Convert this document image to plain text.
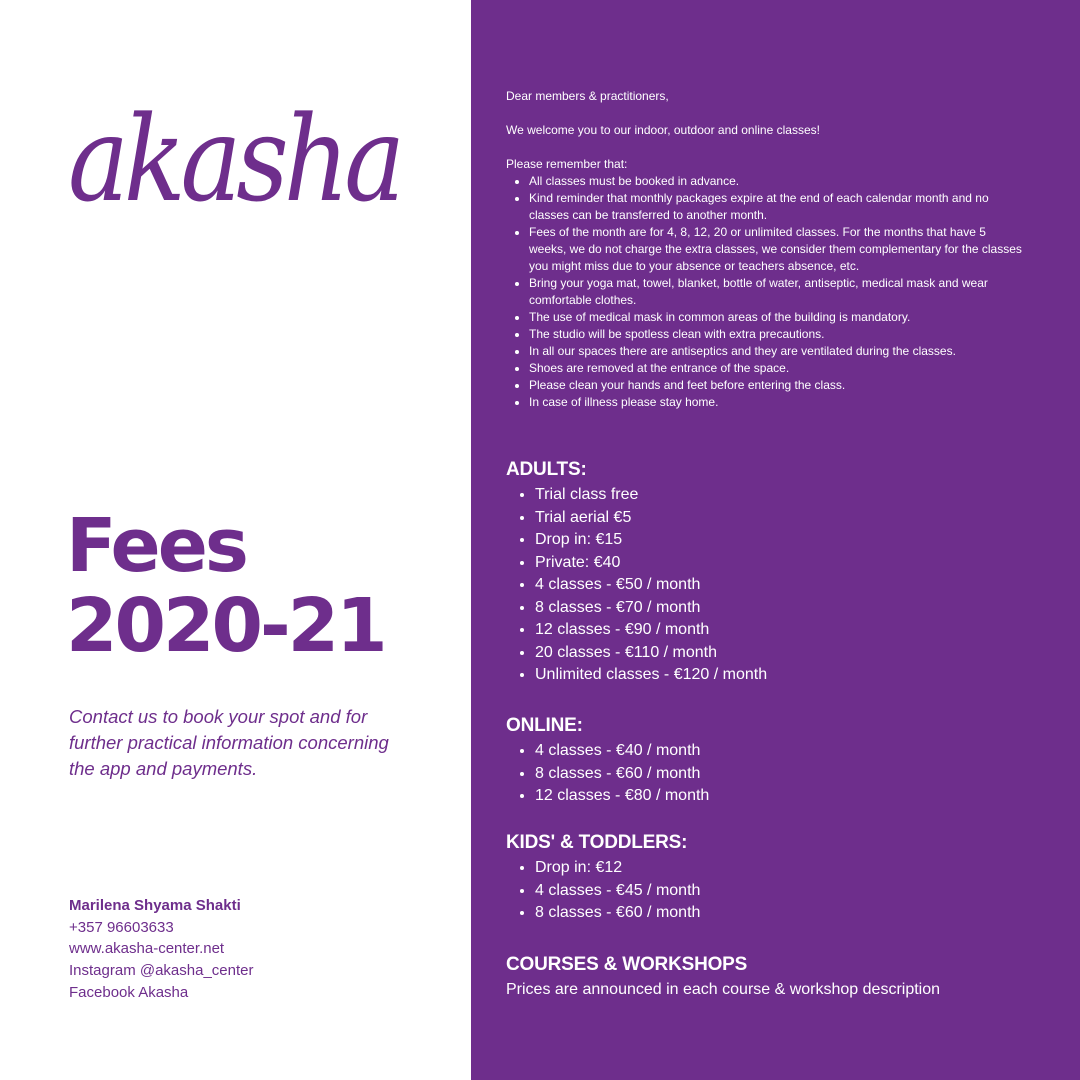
akasha
Fees
2020-21

Contact us to book your spot and for further practical information concerning the app and payments.

Marilena Shyama Shakti
+357 96603633
www.akasha-center.net
Instagram @akasha_center
Facebook Akasha

Dear members & practitioners,

We welcome you to our indoor, outdoor and online classes!

Please remember that:

• All classes must be booked in advance.
• Kind reminder that monthly packages expire at the end of each calendar month and no classes can be transferred to another month.
• Fees of the month are for 4, 8, 12, 20 or unlimited classes. For the months that have 5 weeks, we do not charge the extra classes, we consider them complementary for the classes you might miss due to your absence or teachers absence, etc.
• Bring your yoga mat, towel, blanket, bottle of water, antiseptic, medical mask and wear comfortable clothes.
• The use of medical mask in common areas of the building is mandatory.
• The studio will be spotless clean with extra precautions.
• In all our spaces there are antiseptics and they are ventilated during the classes.
• Shoes are removed at the entrance of the space.
• Please clean your hands and feet before entering the class.
• In case of illness please stay home.
ADULTS:
• Trial class free
• Trial aerial €5
• Drop in: €15
• Private: €40
• 4 classes - €50 / month
• 8 classes - €70 / month
• 12 classes - €90 / month
• 20 classes - €110 / month
• Unlimited classes - €120 / month
ONLINE:
• 4 classes - €40 / month
• 8 classes - €60 / month
• 12 classes - €80 / month
KIDS' & TODDLERS:
• Drop in: €12
• 4 classes - €45 / month
• 8 classes - €60 / month
COURSES & WORKSHOPS

Prices are announced in each course & workshop description
